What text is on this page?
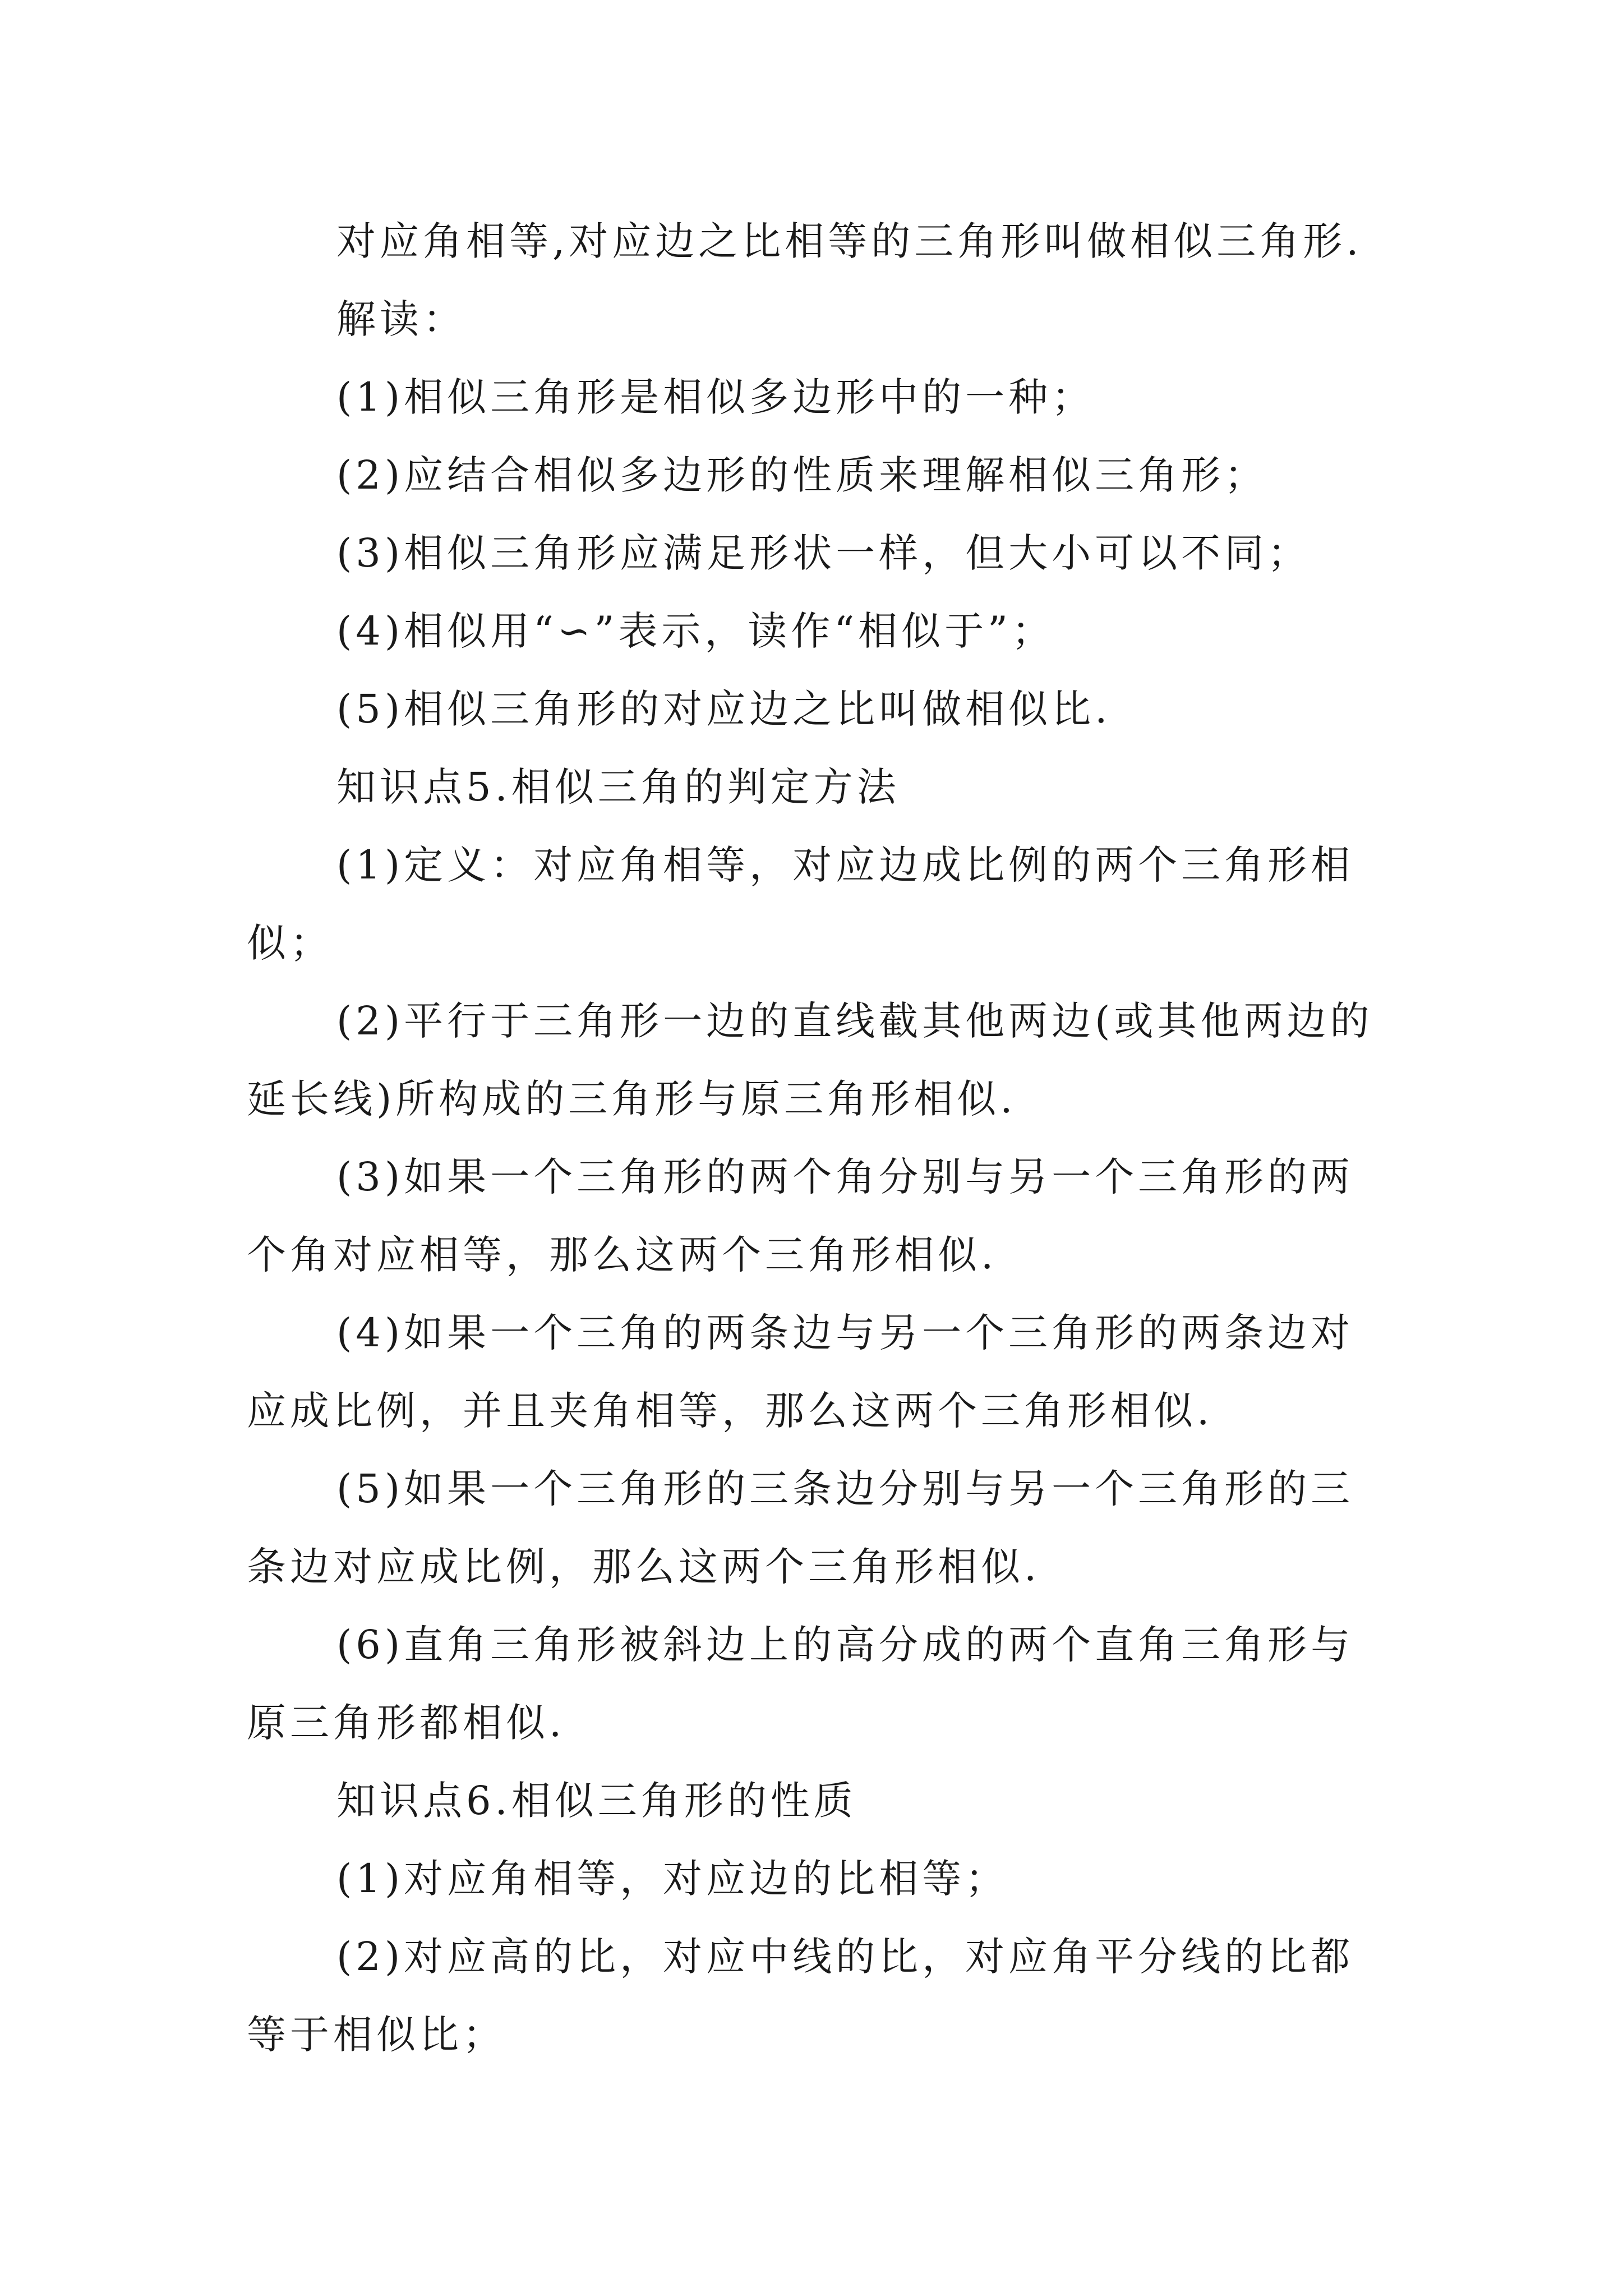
对应角相等,对应边之比相等的三角形叫做相似三角形.
解读：
(1)相似三角形是相似多边形中的一种；
(2)应结合相似多边形的性质来理解相似三角形；
(3)相似三角形应满足形状一样，但大小可以不同；
(4)相似用“∽”表示，读作“相似于”；
(5)相似三角形的对应边之比叫做相似比.
知识点5.相似三角的判定方法
(1)定义：对应角相等，对应边成比例的两个三角形相
似；
(2)平行于三角形一边的直线截其他两边(或其他两边的
延长线)所构成的三角形与原三角形相似.
(3)如果一个三角形的两个角分别与另一个三角形的两
个角对应相等，那么这两个三角形相似.
(4)如果一个三角的两条边与另一个三角形的两条边对
应成比例，并且夹角相等，那么这两个三角形相似.
(5)如果一个三角形的三条边分别与另一个三角形的三
条边对应成比例，那么这两个三角形相似.
(6)直角三角形被斜边上的高分成的两个直角三角形与
原三角形都相似.
知识点6.相似三角形的性质
(1)对应角相等，对应边的比相等；
(2)对应高的比，对应中线的比，对应角平分线的比都
等于相似比；
